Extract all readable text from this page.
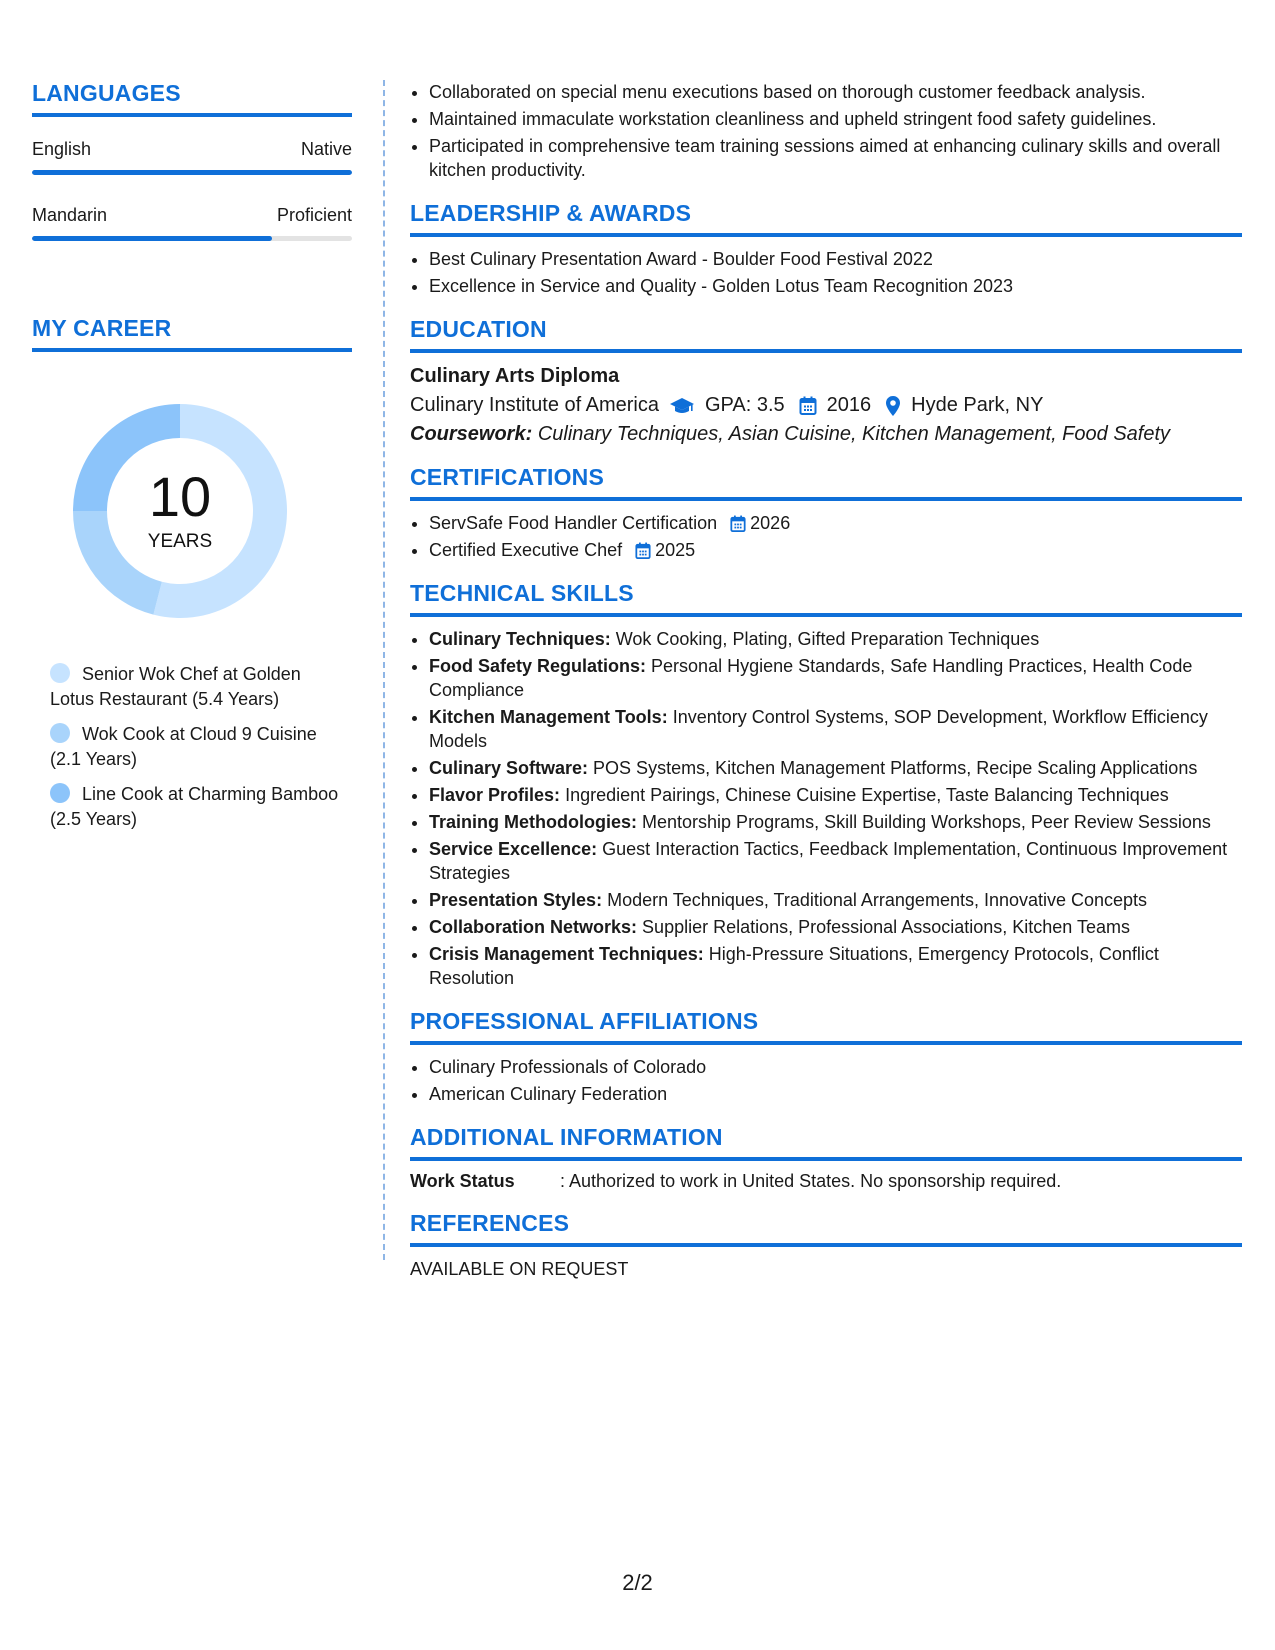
LANGUAGES
English	Native
Mandarin	Proficient
MY CAREER
10
YEARS
Senior Wok Chef at Golden Lotus Restaurant (5.4 Years)
Wok Cook at Cloud 9 Cuisine (2.1 Years)
Line Cook at Charming Bamboo (2.5 Years)
• Collaborated on special menu executions based on thorough customer feedback analysis.
• Maintained immaculate workstation cleanliness and upheld stringent food safety guidelines.
• Participated in comprehensive team training sessions aimed at enhancing culinary skills and overall kitchen productivity.
LEADERSHIP & AWARDS
• Best Culinary Presentation Award - Boulder Food Festival 2022
• Excellence in Service and Quality - Golden Lotus Team Recognition 2023
EDUCATION
Culinary Arts Diploma
Culinary Institute of America GPA: 3.5 2016 Hyde Park, NY
Coursework: Culinary Techniques, Asian Cuisine, Kitchen Management, Food Safety
CERTIFICATIONS
• ServSafe Food Handler Certification 2026
• Certified Executive Chef 2025
TECHNICAL SKILLS
• Culinary Techniques: Wok Cooking, Plating, Gifted Preparation Techniques
• Food Safety Regulations: Personal Hygiene Standards, Safe Handling Practices, Health Code Compliance
• Kitchen Management Tools: Inventory Control Systems, SOP Development, Workflow Efficiency Models
• Culinary Software: POS Systems, Kitchen Management Platforms, Recipe Scaling Applications
• Flavor Profiles: Ingredient Pairings, Chinese Cuisine Expertise, Taste Balancing Techniques
• Training Methodologies: Mentorship Programs, Skill Building Workshops, Peer Review Sessions
• Service Excellence: Guest Interaction Tactics, Feedback Implementation, Continuous Improvement Strategies
• Presentation Styles: Modern Techniques, Traditional Arrangements, Innovative Concepts
• Collaboration Networks: Supplier Relations, Professional Associations, Kitchen Teams
• Crisis Management Techniques: High-Pressure Situations, Emergency Protocols, Conflict Resolution
PROFESSIONAL AFFILIATIONS
• Culinary Professionals of Colorado
• American Culinary Federation
ADDITIONAL INFORMATION
Work Status	: Authorized to work in United States. No sponsorship required.
REFERENCES
AVAILABLE ON REQUEST
2/2
